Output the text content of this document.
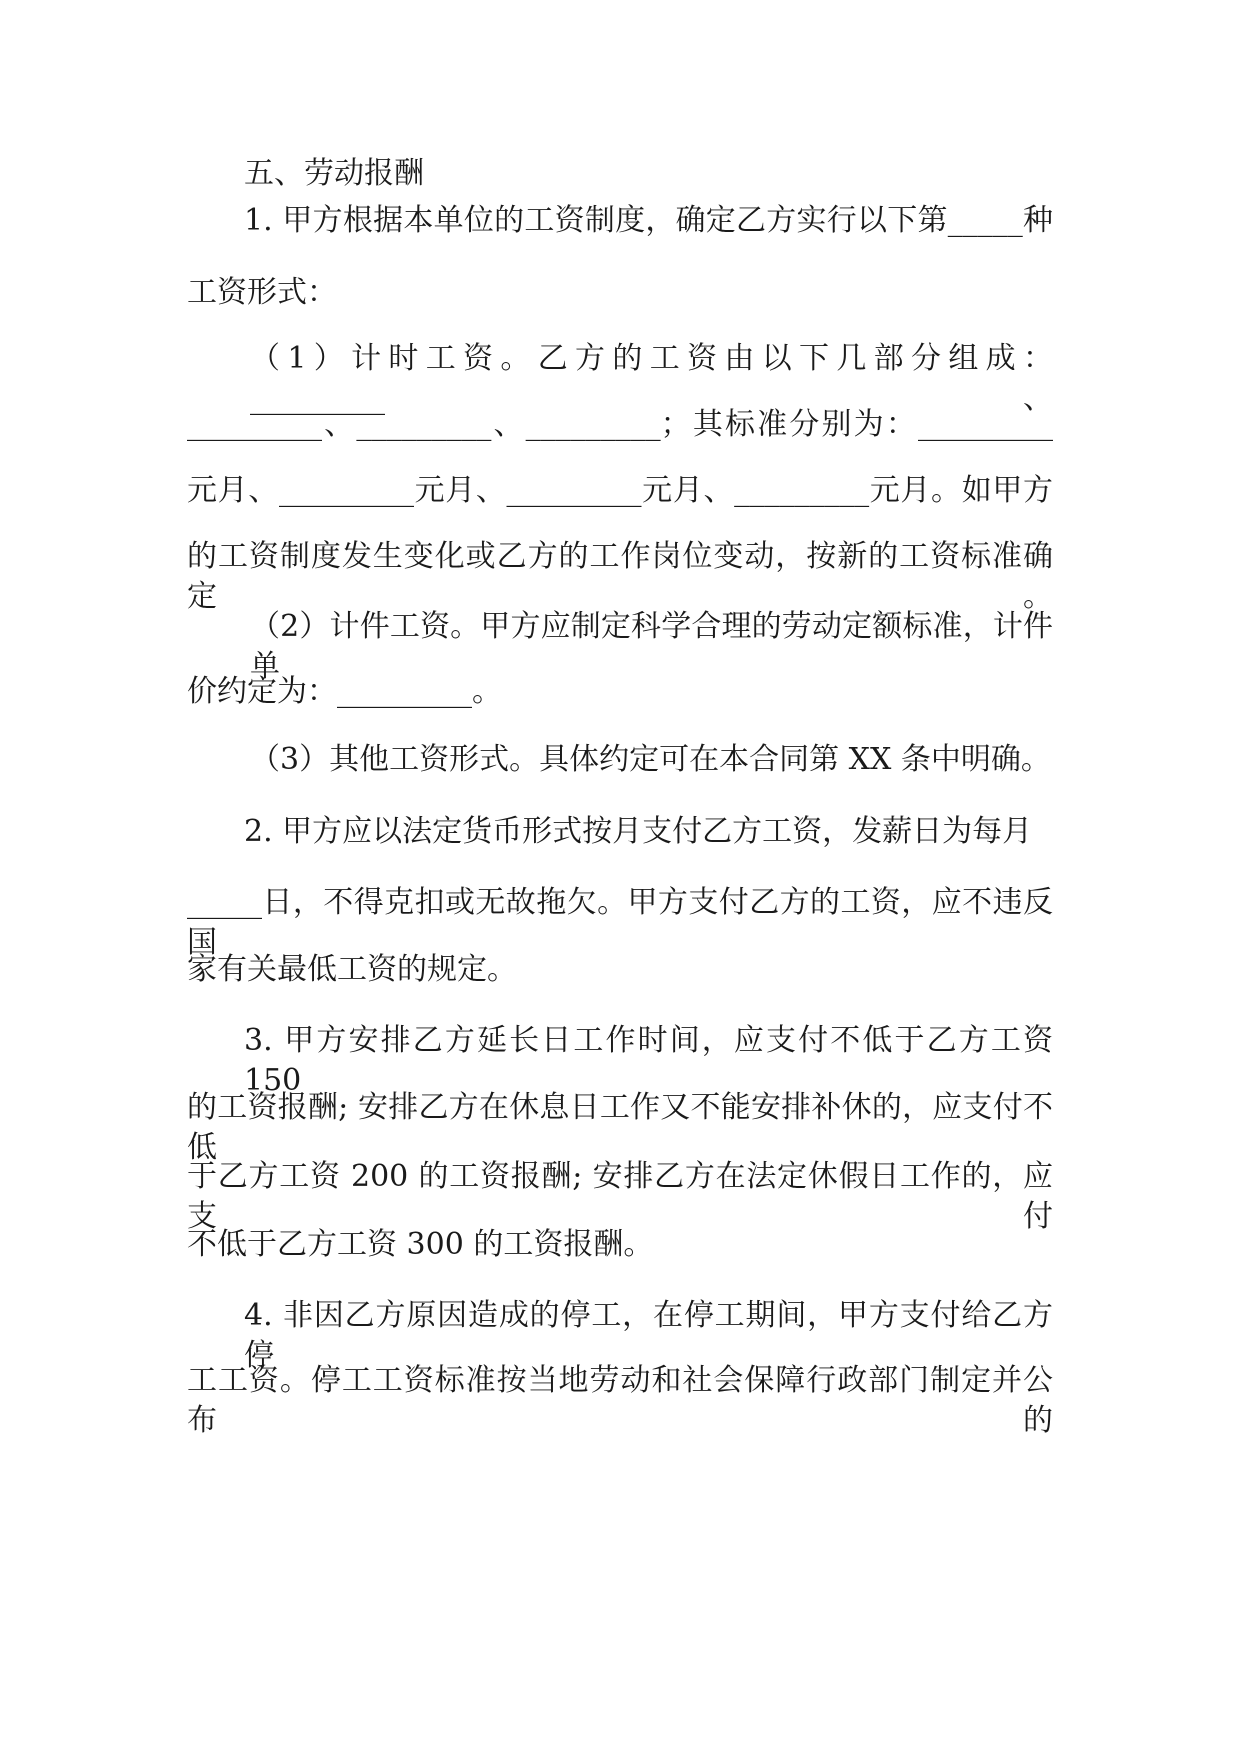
五、劳动报酬
1. 甲方根据本单位的工资制度，确定乙方实行以下第_____种
工资形式：
（1）计时工资。乙方的工资由以下几部分组成：_________、
_________、_________、_________；其标准分别为：_________
元月、_________元月、_________元月、_________元月。如甲方
的工资制度发生变化或乙方的工作岗位变动，按新的工资标准确定。
（2）计件工资。甲方应制定科学合理的劳动定额标准，计件单
价约定为：_________。
（3）其他工资形式。具体约定可在本合同第 XX 条中明确。
2. 甲方应以法定货币形式按月支付乙方工资，发薪日为每月
_____日，不得克扣或无故拖欠。甲方支付乙方的工资，应不违反国
家有关最低工资的规定。
3. 甲方安排乙方延长日工作时间，应支付不低于乙方工资 150
的工资报酬; 安排乙方在休息日工作又不能安排补休的，应支付不低
于乙方工资 200 的工资报酬; 安排乙方在法定休假日工作的，应支付
不低于乙方工资 300 的工资报酬。
4. 非因乙方原因造成的停工，在停工期间，甲方支付给乙方停
工工资。停工工资标准按当地劳动和社会保障行政部门制定并公布的
